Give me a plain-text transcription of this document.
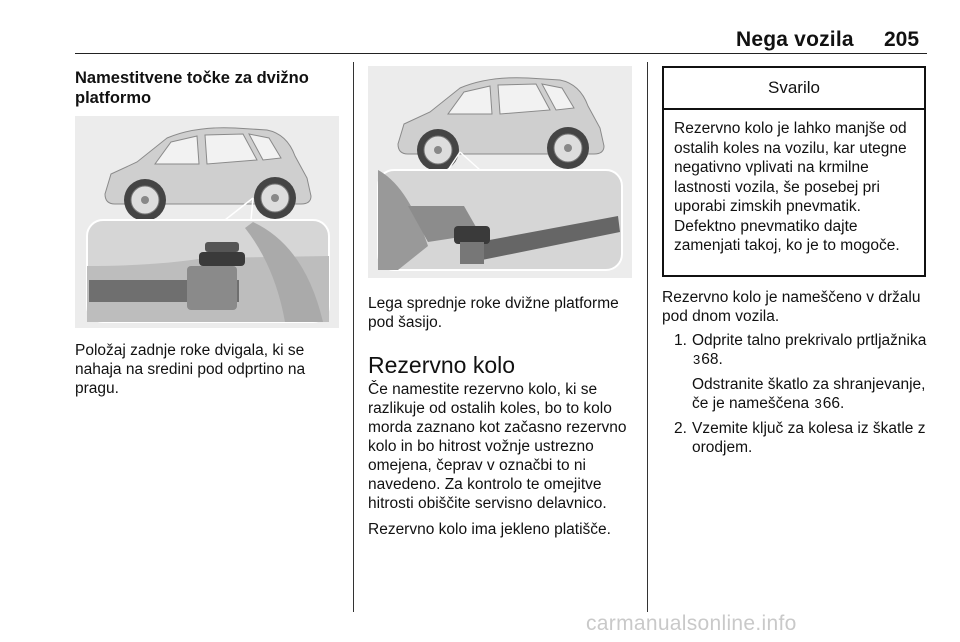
Nega vozila 205

Namestitvene točke za dvižno platformo

Položaj zadnje roke dvigala, ki se nahaja na sredini pod odprtino na pragu.

Lega sprednje roke dvižne platforme pod šasijo.

Rezervno kolo

Če namestite rezervno kolo, ki se razlikuje od ostalih koles, bo to kolo morda zaznano kot začasno rezervno kolo in bo hitrost vožnje ustrezno omejena, čeprav v označbi to ni navedeno. Za kontrolo te omejitve hitrosti obiščite servisno delavnico.

Rezervno kolo ima jekleno platišče.

Svarilo
Rezervno kolo je lahko manjše od ostalih koles na vozilu, kar utegne negativno vplivati na krmilne lastnosti vozila, še posebej pri uporabi zimskih pnevmatik. Defektno pnevmatiko dajte zamenjati takoj, ko je to mogoče.

Rezervno kolo je nameščeno v držalu pod dnom vozila.

1. Odprite talno prekrivalo prtljažnika 368.
Odstranite škatlo za shranjevanje, če je nameščena 366.
2. Vzemite ključ za kolesa iz škatle z orodjem.
carmanualsonline.info
